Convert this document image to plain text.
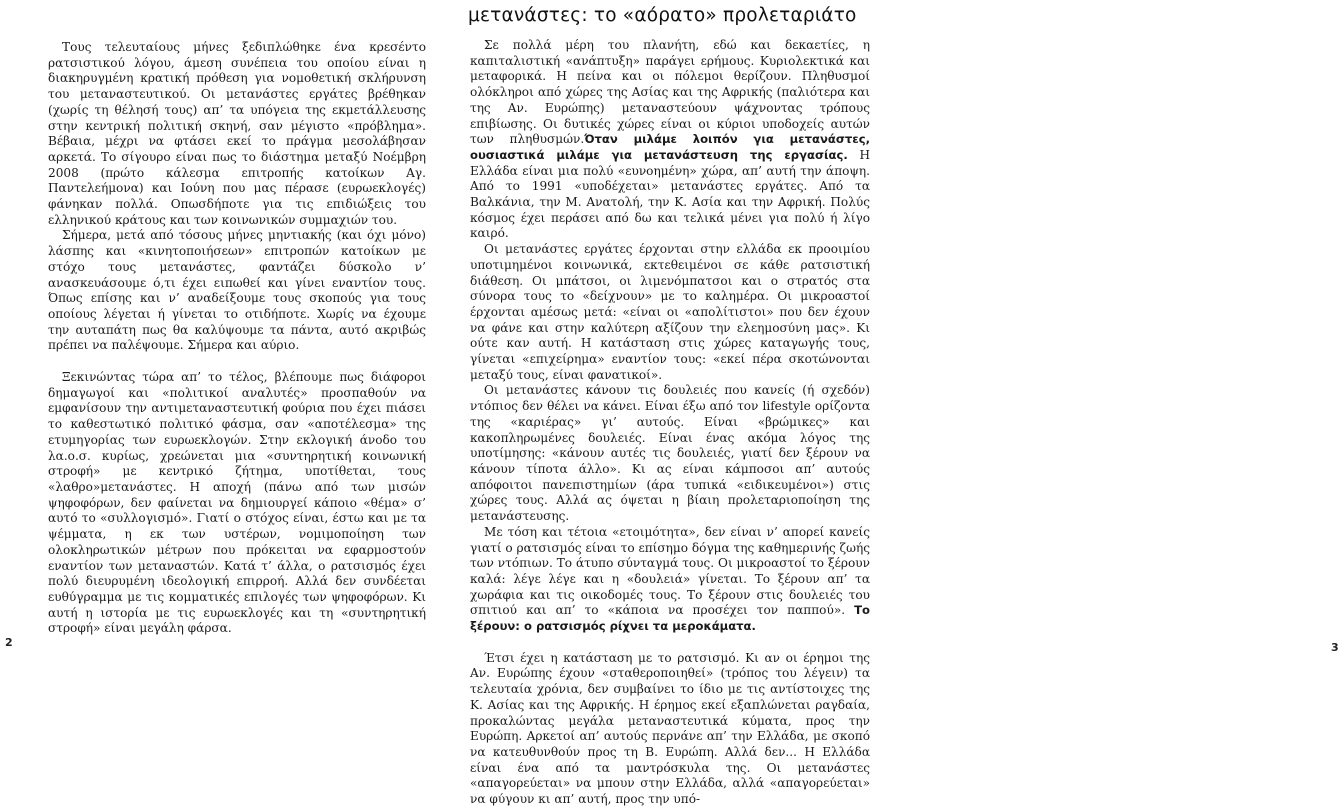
Τους τελευταίους μήνες ξεδιπλώθηκε ένα κρεσέντο ρατσιστικού λόγου, άμεση συνέπεια του οποίου είναι η διακηρυγμένη κρατική πρόθεση για νομοθετική σκλήρυνση του μεταναστευτικού. Οι μετανάστες εργάτες βρέθηκαν (χωρίς τη θέλησή τους) απ’ τα υπόγεια της εκμετάλλευσης στην κεντρική πολιτική σκηνή, σαν μέγιστο «πρόβλημα». Βέβαια, μέχρι να φτάσει εκεί το πράγμα μεσολάβησαν αρκετά. Το σίγουρο είναι πως το διάστημα μεταξύ Νοέμβρη 2008 (πρώτο κάλεσμα επιτροπής κατοίκων Αγ. Παντελεήμονα) και Ιούνη που μας πέρασε (ευρωεκλογές) φάνηκαν πολλά. Οπωσδήποτε για τις επιδιώξεις του ελληνικού κράτους και των κοινωνικών συμμαχιών του.

Σήμερα, μετά από τόσους μήνες μηντιακής (και όχι μόνο) λάσπης και «κινητοποιήσεων» επιτροπών κατοίκων με στόχο τους μετανάστες, φαντάζει δύσκολο ν’ ανασκευάσουμε ό,τι έχει ειπωθεί και γίνει εναντίον τους. Όπως επίσης και ν’ αναδείξουμε τους σκοπούς για τους οποίους λέγεται ή γίνεται το οτιδήποτε. Χωρίς να έχουμε την αυταπάτη πως θα καλύψουμε τα πάντα, αυτό ακριβώς πρέπει να παλέψουμε. Σήμερα και αύριο.

Ξεκινώντας τώρα απ’ το τέλος, βλέπουμε πως διάφοροι δημαγωγοί και «πολιτικοί αναλυτές» προσπαθούν να εμφανίσουν την αντιμεταναστευτική φούρια που έχει πιάσει το καθεστωτικό πολιτικό φάσμα, σαν «αποτέλεσμα» της ετυμηγορίας των ευρωεκλογών. Στην εκλογική άνοδο του λα.ο.σ. κυρίως, χρεώνεται μια «συντηρητική κοινωνική στροφή» με κεντρικό ζήτημα, υποτίθεται, τους «λαθρο»μετανάστες. Η αποχή (πάνω από των μισών ψηφοφόρων, δεν φαίνεται να δημιουργεί κάποιο «θέμα» σ’ αυτό το «συλλογισμό». Γιατί ο στόχος είναι, έστω και με τα ψέμματα, η εκ των υστέρων, νομιμοποίηση των ολοκληρωτικών μέτρων που πρόκειται να εφαρμοστούν εναντίον των μεταναστών. Κατά τ’ άλλα, ο ρατσισμός έχει πολύ διευρυμένη ιδεολογική επιρροή. Αλλά δεν συνδέεται ευθύγραμμα με τις κομματικές επιλογές των ψηφοφόρων. Κι αυτή η ιστορία με τις ευρωεκλογές και τη «συντηρητική στροφή» είναι μεγάλη φάρσα.

2
μετανάστες: το «αόρατο» προλεταριάτο

Σε πολλά μέρη του πλανήτη, εδώ και δεκαετίες, η καπιταλιστική «ανάπτυξη» παράγει ερήμους. Κυριολεκτικά και μεταφορικά. Η πείνα και οι πόλεμοι θερίζουν. Πληθυσμοί ολόκληροι από χώρες της Ασίας και της Αφρικής (παλιότερα και της Αν. Ευρώπης) μεταναστεύουν ψάχνοντας τρόπους επιβίωσης. Οι δυτικές χώρες είναι οι κύριοι υποδοχείς αυτών των πληθυσμών.Όταν μιλάμε λοιπόν για μετανάστες, ουσιαστικά μιλάμε για μετανάστευση της εργασίας. Η Ελλάδα είναι μια πολύ «ευνοημένη» χώρα, απ’ αυτή την άποψη. Από το 1991 «υποδέχεται» μετανάστες εργάτες. Από τα Βαλκάνια, την Μ. Ανατολή, την Κ. Ασία και την Αφρική. Πολύς κόσμος έχει περάσει από δω και τελικά μένει για πολύ ή λίγο καιρό.

Οι μετανάστες εργάτες έρχονται στην ελλάδα εκ προοιμίου υποτιμημένοι κοινωνικά, εκτεθειμένοι σε κάθε ρατσιστική διάθεση. Οι μπάτσοι, οι λιμενόμπατσοι και ο στρατός στα σύνορα τους το «δείχνουν» με το καλημέρα. Οι μικροαστοί έρχονται αμέσως μετά: «είναι οι «απολίτιστοι» που δεν έχουν να φάνε και στην καλύτερη αξίζουν την ελεημοσύνη μας». Κι ούτε καν αυτή. Η κατάσταση στις χώρες καταγωγής τους, γίνεται «επιχείρημα» εναντίον τους: «εκεί πέρα σκοτώνονται μεταξύ τους, είναι φανατικοί».

Οι μετανάστες κάνουν τις δουλειές που κανείς (ή σχεδόν) ντόπιος δεν θέλει να κάνει. Είναι έξω από τον lifestyle ορίζοντα της «καριέρας» γι’ αυτούς. Είναι «βρώμικες» και κακοπληρωμένες δουλειές. Είναι ένας ακόμα λόγος της υποτίμησης: «κάνουν αυτές τις δουλειές, γιατί δεν ξέρουν να κάνουν τίποτα άλλο». Κι ας είναι κάμποσοι απ’ αυτούς απόφοιτοι πανεπιστημίων (άρα τυπικά «ειδικευμένοι») στις χώρες τους. Αλλά ας όψεται η βίαιη προλεταριοποίηση της μετανάστευσης.

Με τόση και τέτοια «ετοιμότητα», δεν είναι ν’ απορεί κανείς γιατί ο ρατσισμός είναι το επίσημο δόγμα της καθημερινής ζωής των ντόπιων. Το άτυπο σύνταγμά τους. Οι μικροαστοί το ξέρουν καλά: λέγε λέγε και η «δουλειά» γίνεται. Το ξέρουν απ’ τα χωράφια και τις οικοδομές τους. Το ξέρουν στις δουλειές του σπιτιού και απ’ το «κάποια να προσέχει τον παππού». Το ξέρουν: ο ρατσισμός ρίχνει τα μεροκάματα.

Έτσι έχει η κατάσταση με το ρατσισμό. Κι αν οι έρημοι της Αν. Ευρώπης έχουν «σταθεροποιηθεί» (τρόπος του λέγειν) τα τελευταία χρόνια, δεν συμβαίνει το ίδιο με τις αντίστοιχες της Κ. Ασίας και της Αφρικής. Η έρημος εκεί εξαπλώνεται ραγδαία, προκαλώντας μεγάλα μεταναστευτικά κύματα, προς την Ευρώπη. Αρκετοί απ’ αυτούς περνάνε απ’ την Ελλάδα, με σκοπό να κατευθυνθούν προς τη Β. Ευρώπη. Αλλά δεν... Η Ελλάδα είναι ένα από τα μαντρόσκυλα της. Οι μετανάστες «απαγορεύεται» να μπουν στην Ελλάδα, αλλά «απαγορεύεται» να φύγουν κι απ’ αυτή, προς την υπό-

3
